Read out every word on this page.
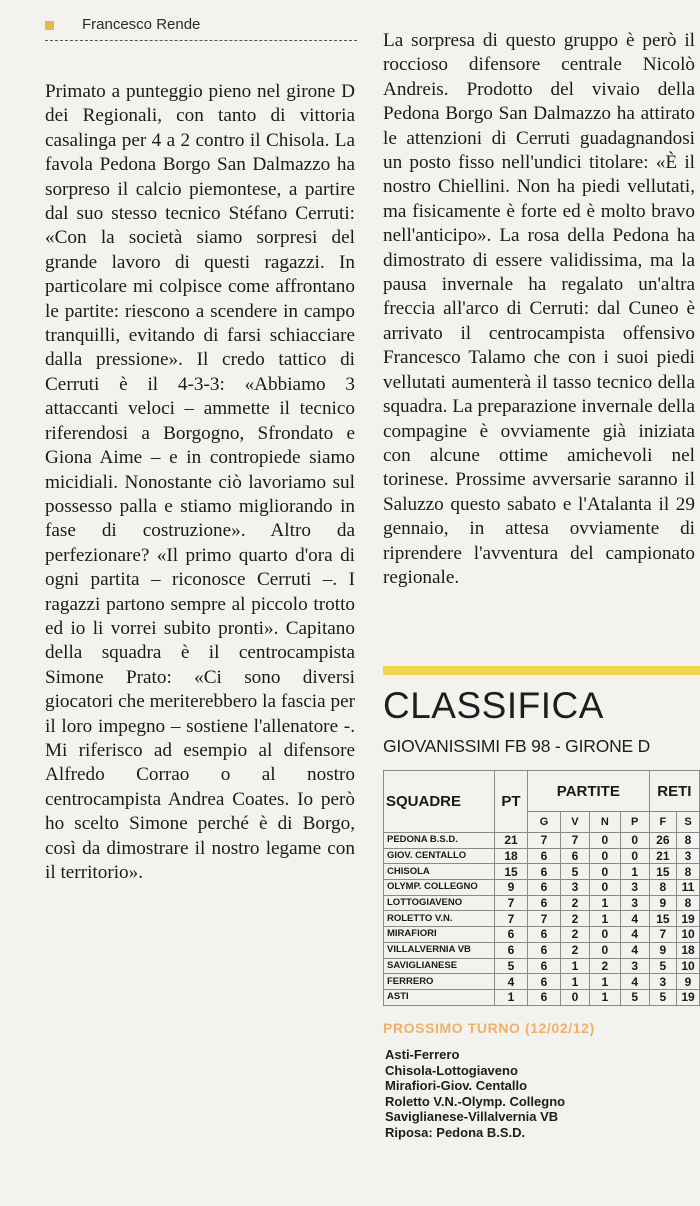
Francesco Rende

Primato a punteggio pieno nel girone D dei Regionali, con tanto di vittoria casalinga per 4 a 2 contro il Chisola. La favola Pedona Borgo San Dalmazzo ha sorpreso il calcio piemontese, a partire dal suo stesso tecnico Stéfano Cerruti: «Con la società siamo sorpresi del grande lavoro di questi ragazzi. In particolare mi colpisce come affrontano le partite: riescono a scendere in campo tranquilli, evitando di farsi schiacciare dalla pressione». Il credo tattico di Cerruti è il 4-3-3: «Abbiamo 3 attaccanti veloci – ammette il tecnico riferendosi a Borgogno, Sfrondato e Giona Aime – e in contropiede siamo micidiali. Nonostante ciò lavoriamo sul possesso palla e stiamo migliorando in fase di costruzione». Altro da perfezionare? «Il primo quarto d'ora di ogni partita – riconosce Cerruti –. I ragazzi partono sempre al piccolo trotto ed io li vorrei subito pronti». Capitano della squadra è il centrocampista Simone Prato: «Ci sono diversi giocatori che meriterebbero la fascia per il loro impegno – sostiene l'allenatore -. Mi riferisco ad esempio al difensore Alfredo Corrao o al nostro centrocampista Andrea Coates. Io però ho scelto Simone perché è di Borgo, così da dimostrare il nostro legame con il territorio».

La sorpresa di questo gruppo è però il roccioso difensore centrale Nicolò Andreis. Prodotto del vivaio della Pedona Borgo San Dalmazzo ha attirato le attenzioni di Cerruti guadagnandosi un posto fisso nell'undici titolare: «È il nostro Chiellini. Non ha piedi vellutati, ma fisicamente è forte ed è molto bravo nell'anticipo». La rosa della Pedona ha dimostrato di essere validissima, ma la pausa invernale ha regalato un'altra freccia all'arco di Cerruti: dal Cuneo è arrivato il centrocampista offensivo Francesco Talamo che con i suoi piedi vellutati aumenterà il tasso tecnico della squadra. La preparazione invernale della compagine è ovviamente già iniziata con alcune ottime amichevoli nel torinese. Prossime avversarie saranno il Saluzzo questo sabato e l'Atalanta il 29 gennaio, in attesa ovviamente di riprendere l'avventura del campionato regionale.

CLASSIFICA
GIOVANISSIMI FB 98 - GIRONE D
SQUADRE	PT	PARTITE				RETI	
		G	V	N	P	F	S
PEDONA B.S.D.	21	7	7	0	0	26	8
GIOV. CENTALLO	18	6	6	0	0	21	3
CHISOLA	15	6	5	0	1	15	8
OLYMP. COLLEGNO	9	6	3	0	3	8	11
LOTTOGIAVENO	7	6	2	1	3	9	8
ROLETTO V.N.	7	7	2	1	4	15	19
MIRAFIORI	6	6	2	0	4	7	10
VILLALVERNIA VB	6	6	2	0	4	9	18
SAVIGLIANESE	5	6	1	2	3	5	10
FERRERO	4	6	1	1	4	3	9
ASTI	1	6	0	1	5	5	19
PROSSIMO TURNO (12/02/12)
Asti-Ferrero
Chisola-Lottogiaveno
Mirafiori-Giov. Centallo
Roletto V.N.-Olymp. Collegno
Saviglianese-Villalvernia VB
Riposa: Pedona B.S.D.
